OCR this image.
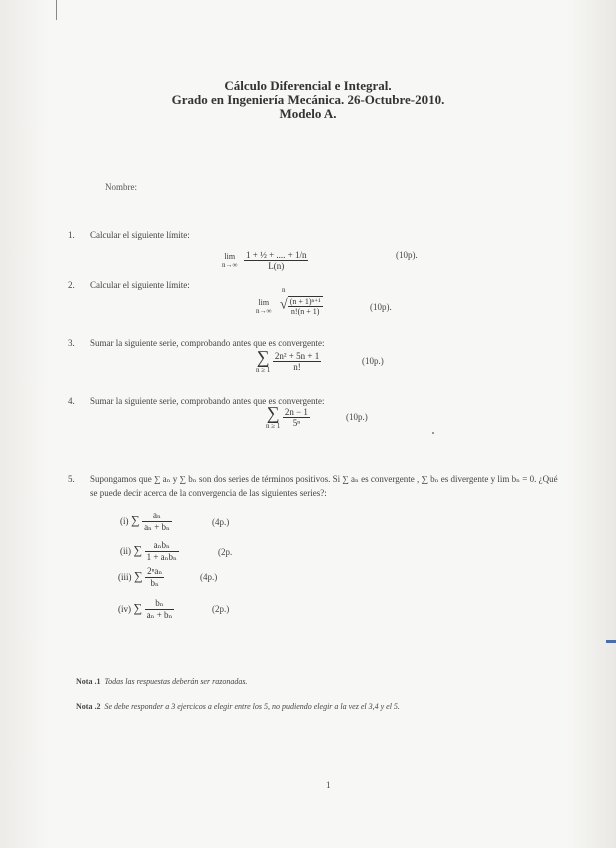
Cálculo Diferencial e Integral.
Grado en Ingeniería Mecánica. 26-Octubre-2010.
Modelo A.
Nombre:
1. Calcular el siguiente límite:
lim
n→∞
$\frac{\text{1 + ½ + .... + 1/n}}{L(n)}$	(10p).
2. Calcular el siguiente límite:
lim
n→∞

n
√ $\frac{\text{(n + 1)ⁿ⁺¹}}{n!(n + 1)}$	(10p).
3. Sumar la siguiente serie, comprobando antes que es convergente:
∑
n ≥ 1
$\frac{\text{2n² + 5n + 1}}{n!}$	(10p.)
4. Sumar la siguiente serie, comprobando antes que es convergente:
∑
n ≥ 1
$\frac{2n - 1}{\text{5ⁿ}}$	(10p.)
5. Supongamos que ∑ aₙ y ∑ bₙ son dos series de términos positivos. Si ∑ aₙ es convergente , ∑ bₙ es divergente y lim bₙ = 0. ¿Qué se puede decir acerca de la convergencia de las siguientes series?:
(i) ∑ $\frac{\text{aₙ}}{\text{aₙ + bₙ}}$	(4p.)
(ii) ∑ $\frac{\text{aₙbₙ}}{\text{1 + aₙbₙ}}$	(2p.
(iii) ∑ $\frac{\text{2ⁿaₙ}}{\text{bₙ}}$	(4p.)
(iv) ∑ $\frac{\text{bₙ}}{\text{aₙ + bₙ}}$	(2p.)
Nota .1 Todas las respuestas deberán ser razonadas.
Nota .2 Se debe responder a 3 ejercicos a elegir entre los 5, no pudiendo elegir a la vez el 3,4 y el 5.
1
